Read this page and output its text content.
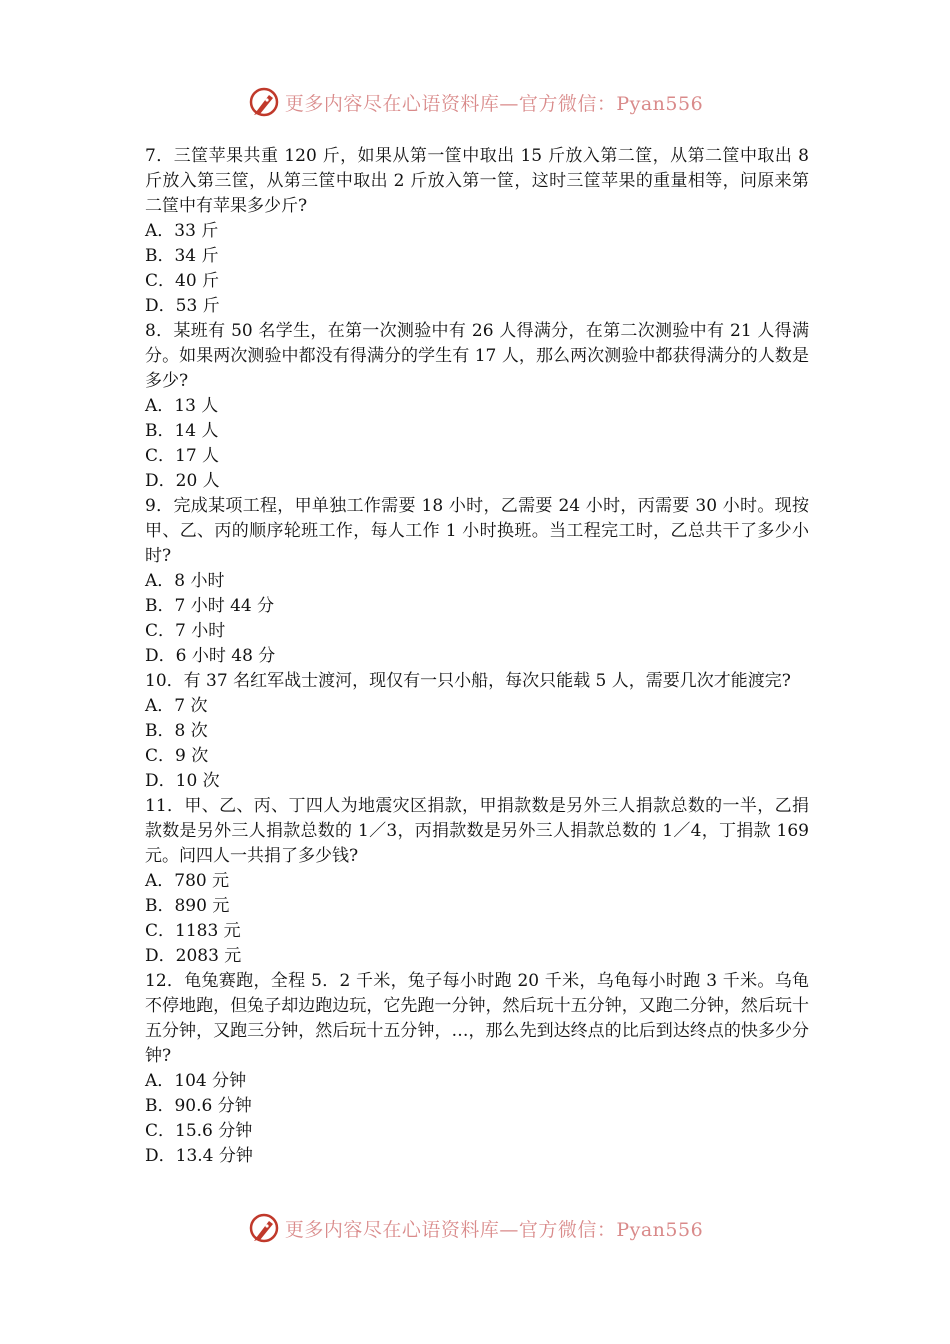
更多内容尽在心语资料库—官方微信：Pyan556

7．三筐苹果共重 120 斤，如果从第一筐中取出 15 斤放入第二筐，从第二筐中取出 8 斤放入第三筐，从第三筐中取出 2 斤放入第一筐，这时三筐苹果的重量相等，问原来第二筐中有苹果多少斤?

A．33 斤

B．34 斤

C．40 斤

D．53 斤

8．某班有 50 名学生，在第一次测验中有 26 人得满分，在第二次测验中有 21 人得满分。如果两次测验中都没有得满分的学生有 17 人，那么两次测验中都获得满分的人数是多少?

A．13 人

B．14 人

C．17 人

D．20 人

9．完成某项工程，甲单独工作需要 18 小时，乙需要 24 小时，丙需要 30 小时。现按甲、乙、丙的顺序轮班工作，每人工作 1 小时换班。当工程完工时，乙总共干了多少小时?

A．8 小时

B．7 小时 44 分

C．7 小时

D．6 小时 48 分

10．有 37 名红军战士渡河，现仅有一只小船，每次只能载 5 人，需要几次才能渡完?

A．7 次

B．8 次

C．9 次

D．10 次

11．甲、乙、丙、丁四人为地震灾区捐款，甲捐款数是另外三人捐款总数的一半，乙捐款数是另外三人捐款总数的 1／3，丙捐款数是另外三人捐款总数的 1／4，丁捐款 169 元。问四人一共捐了多少钱?

A．780 元

B．890 元

C．1183 元

D．2083 元

12．龟兔赛跑，全程 5．2 千米，兔子每小时跑 20 千米，乌龟每小时跑 3 千米。乌龟不停地跑，但兔子却边跑边玩，它先跑一分钟，然后玩十五分钟，又跑二分钟，然后玩十五分钟，又跑三分钟，然后玩十五分钟，…，那么先到达终点的比后到达终点的快多少分钟?

A．104 分钟

B．90.6 分钟

C．15.6 分钟

D．13.4 分钟

更多内容尽在心语资料库—官方微信：Pyan556
